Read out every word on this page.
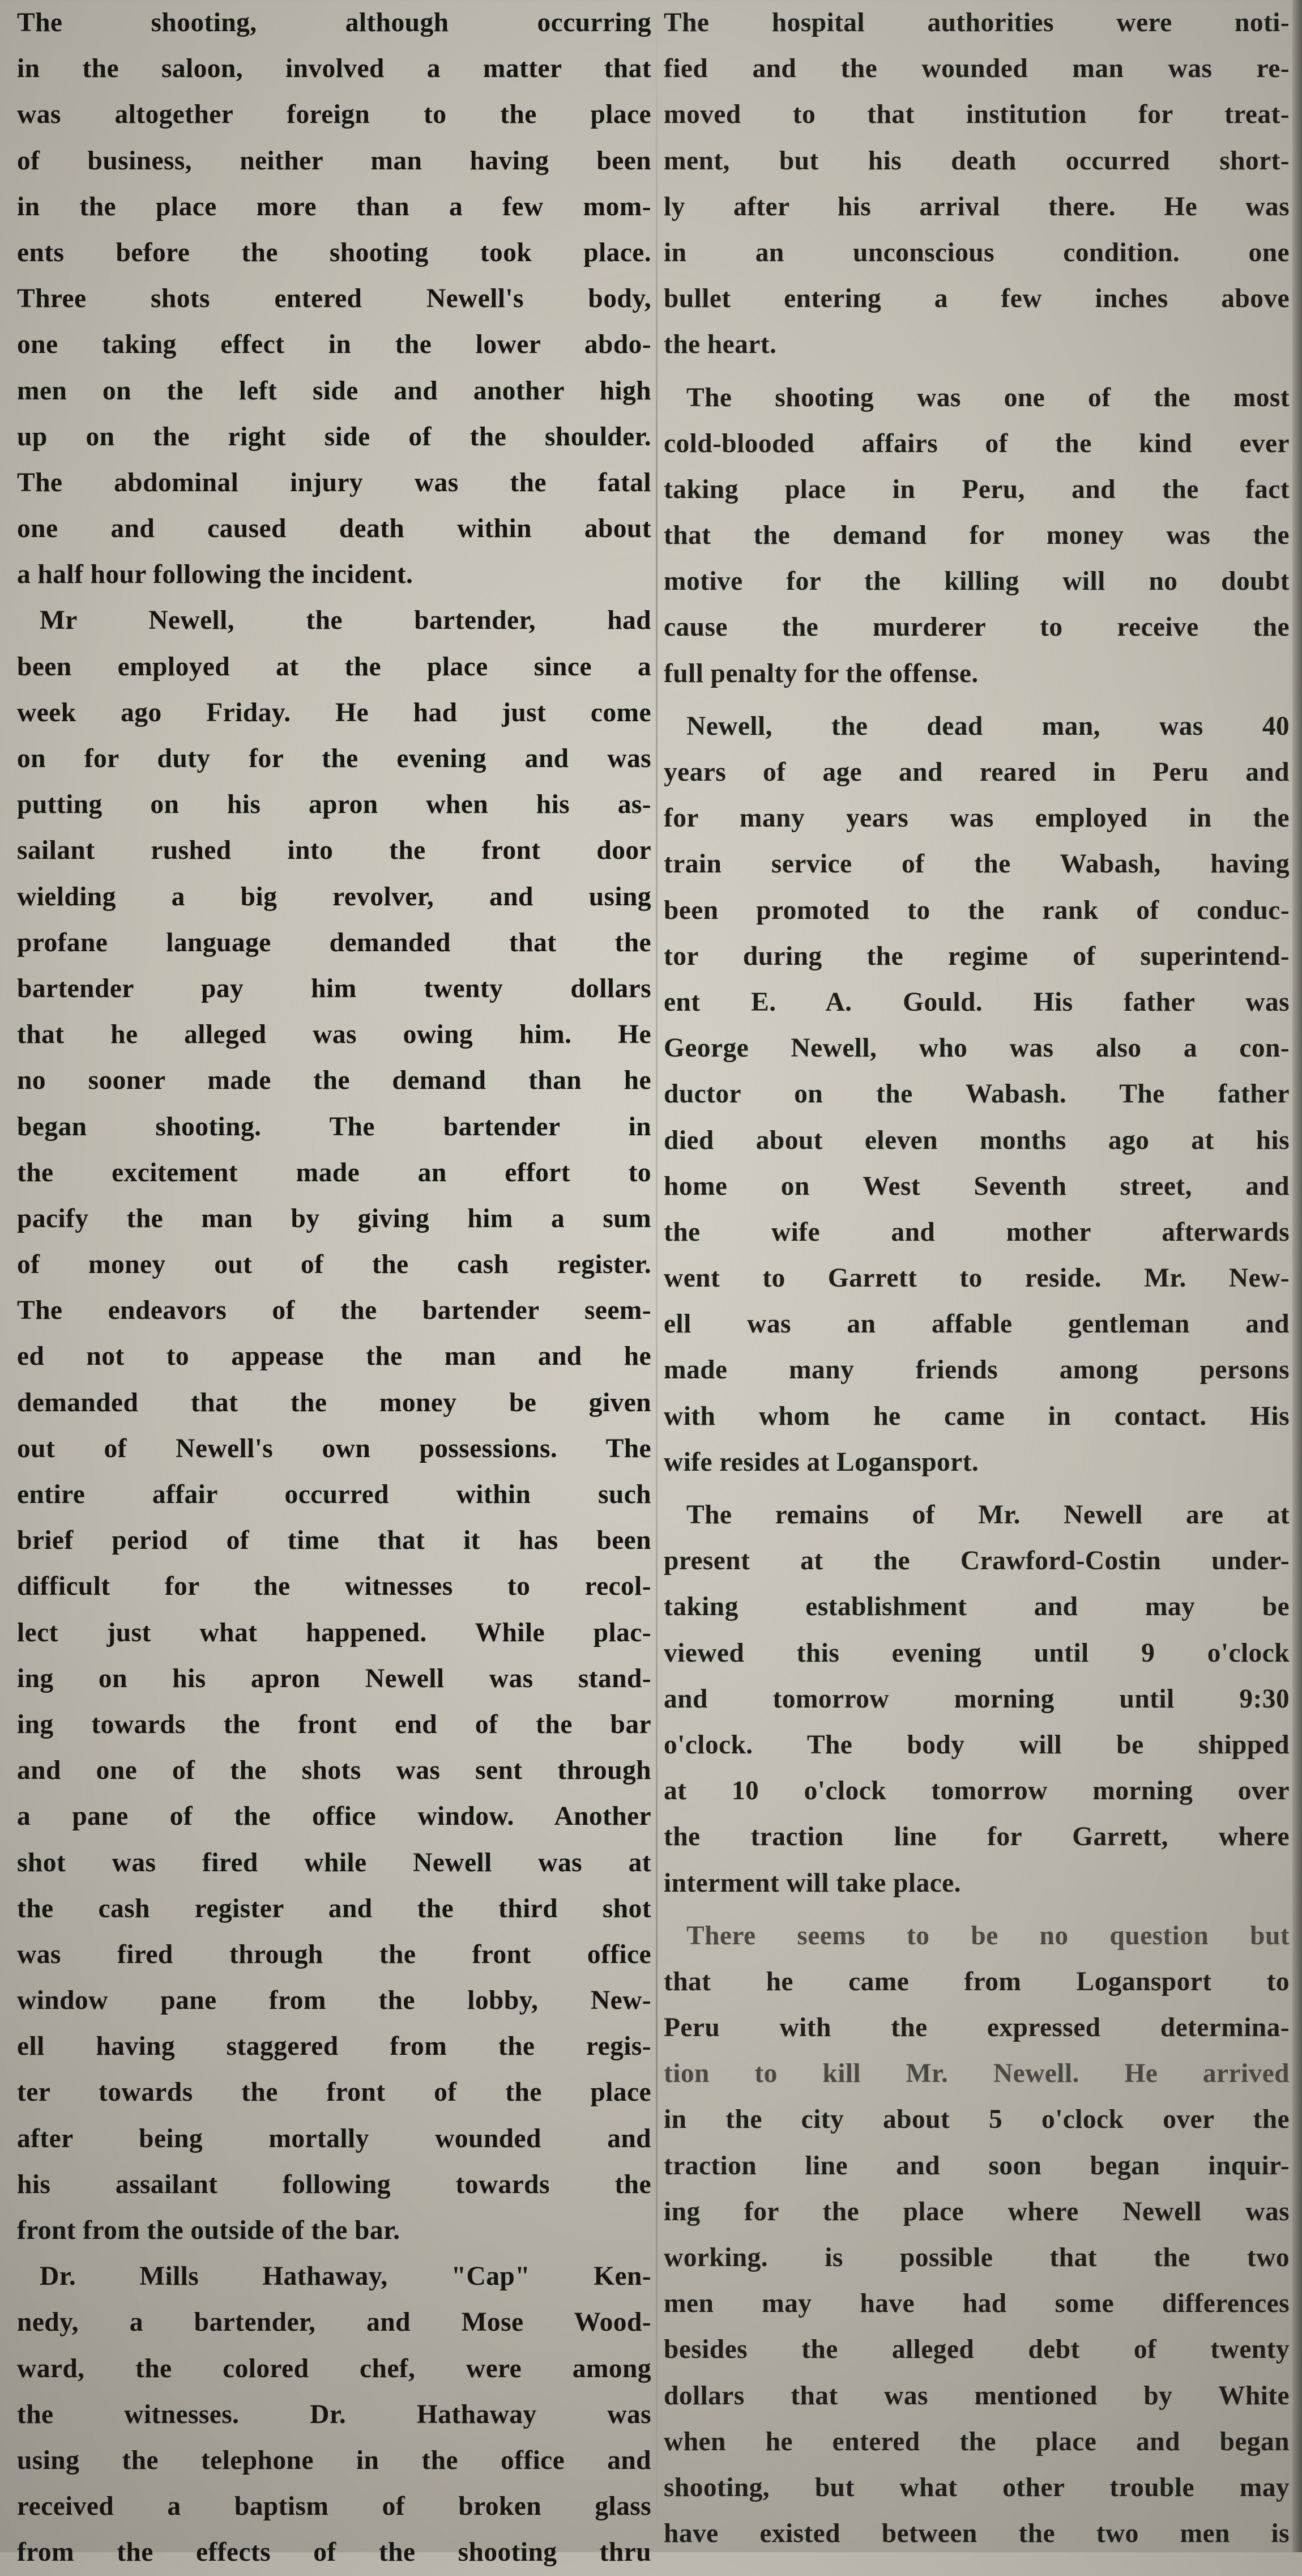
The shooting, although occurring
in the saloon, involved a matter that
was altogether foreign to the place
of business, neither man having been
in the place more than a few mom-
ents before the shooting took place.
Three shots entered Newell's body,
one taking effect in the lower abdo-
men on the left side and another high
up on the right side of the shoulder.
The abdominal injury was the fatal
one and caused death within about
a half hour following the incident.
Mr Newell, the bartender, had
been employed at the place since a
week ago Friday. He had just come
on for duty for the evening and was
putting on his apron when his as-
sailant rushed into the front door
wielding a big revolver, and using
profane language demanded that the
bartender pay him twenty dollars
that he alleged was owing him. He
no sooner made the demand than he
began shooting. The bartender in
the excitement made an effort to
pacify the man by giving him a sum
of money out of the cash register.
The endeavors of the bartender seem-
ed not to appease the man and he
demanded that the money be given
out of Newell's own possessions. The
entire affair occurred within such
brief period of time that it has been
difficult for the witnesses to recol-
lect just what happened. While plac-
ing on his apron Newell was stand-
ing towards the front end of the bar
and one of the shots was sent through
a pane of the office window. Another
shot was fired while Newell was at
the cash register and the third shot
was fired through the front office
window pane from the lobby, New-
ell having staggered from the regis-
ter towards the front of the place
after being mortally wounded and
his assailant following towards the
front from the outside of the bar.
Dr. Mills Hathaway, "Cap" Ken-
nedy, a bartender, and Mose Wood-
ward, the colored chef, were among
the witnesses. Dr. Hathaway was
using the telephone in the office and
received a baptism of broken glass
from the effects of the shooting thru
The hospital authorities were noti-
fied and the wounded man was re-
moved to that institution for treat-
ment, but his death occurred short-
ly after his arrival there. He was
in an unconscious condition. one
bullet entering a few inches above
the heart.
The shooting was one of the most
cold-blooded affairs of the kind ever
taking place in Peru, and the fact
that the demand for money was the
motive for the killing will no doubt
cause the murderer to receive the
full penalty for the offense.
Newell, the dead man, was 40
years of age and reared in Peru and
for many years was employed in the
train service of the Wabash, having
been promoted to the rank of conduc-
tor during the regime of superintend-
ent E. A. Gould. His father was
George Newell, who was also a con-
ductor on the Wabash. The father
died about eleven months ago at his
home on West Seventh street, and
the wife and mother afterwards
went to Garrett to reside. Mr. New-
ell was an affable gentleman and
made many friends among persons
with whom he came in contact. His
wife resides at Logansport.
The remains of Mr. Newell are at
present at the Crawford-Costin under-
taking establishment and may be
viewed this evening until 9 o'clock
and tomorrow morning until 9:30
o'clock. The body will be shipped
at 10 o'clock tomorrow morning over
the traction line for Garrett, where
interment will take place.
There seems to be no question but
that he came from Logansport to
Peru with the expressed determina-
tion to kill Mr. Newell. He arrived
in the city about 5 o'clock over the
traction line and soon began inquir-
ing for the place where Newell was
working. is possible that the two
men may have had some differences
besides the alleged debt of twenty
dollars that was mentioned by White
when he entered the place and began
shooting, but what other trouble may
have existed between the two men is
